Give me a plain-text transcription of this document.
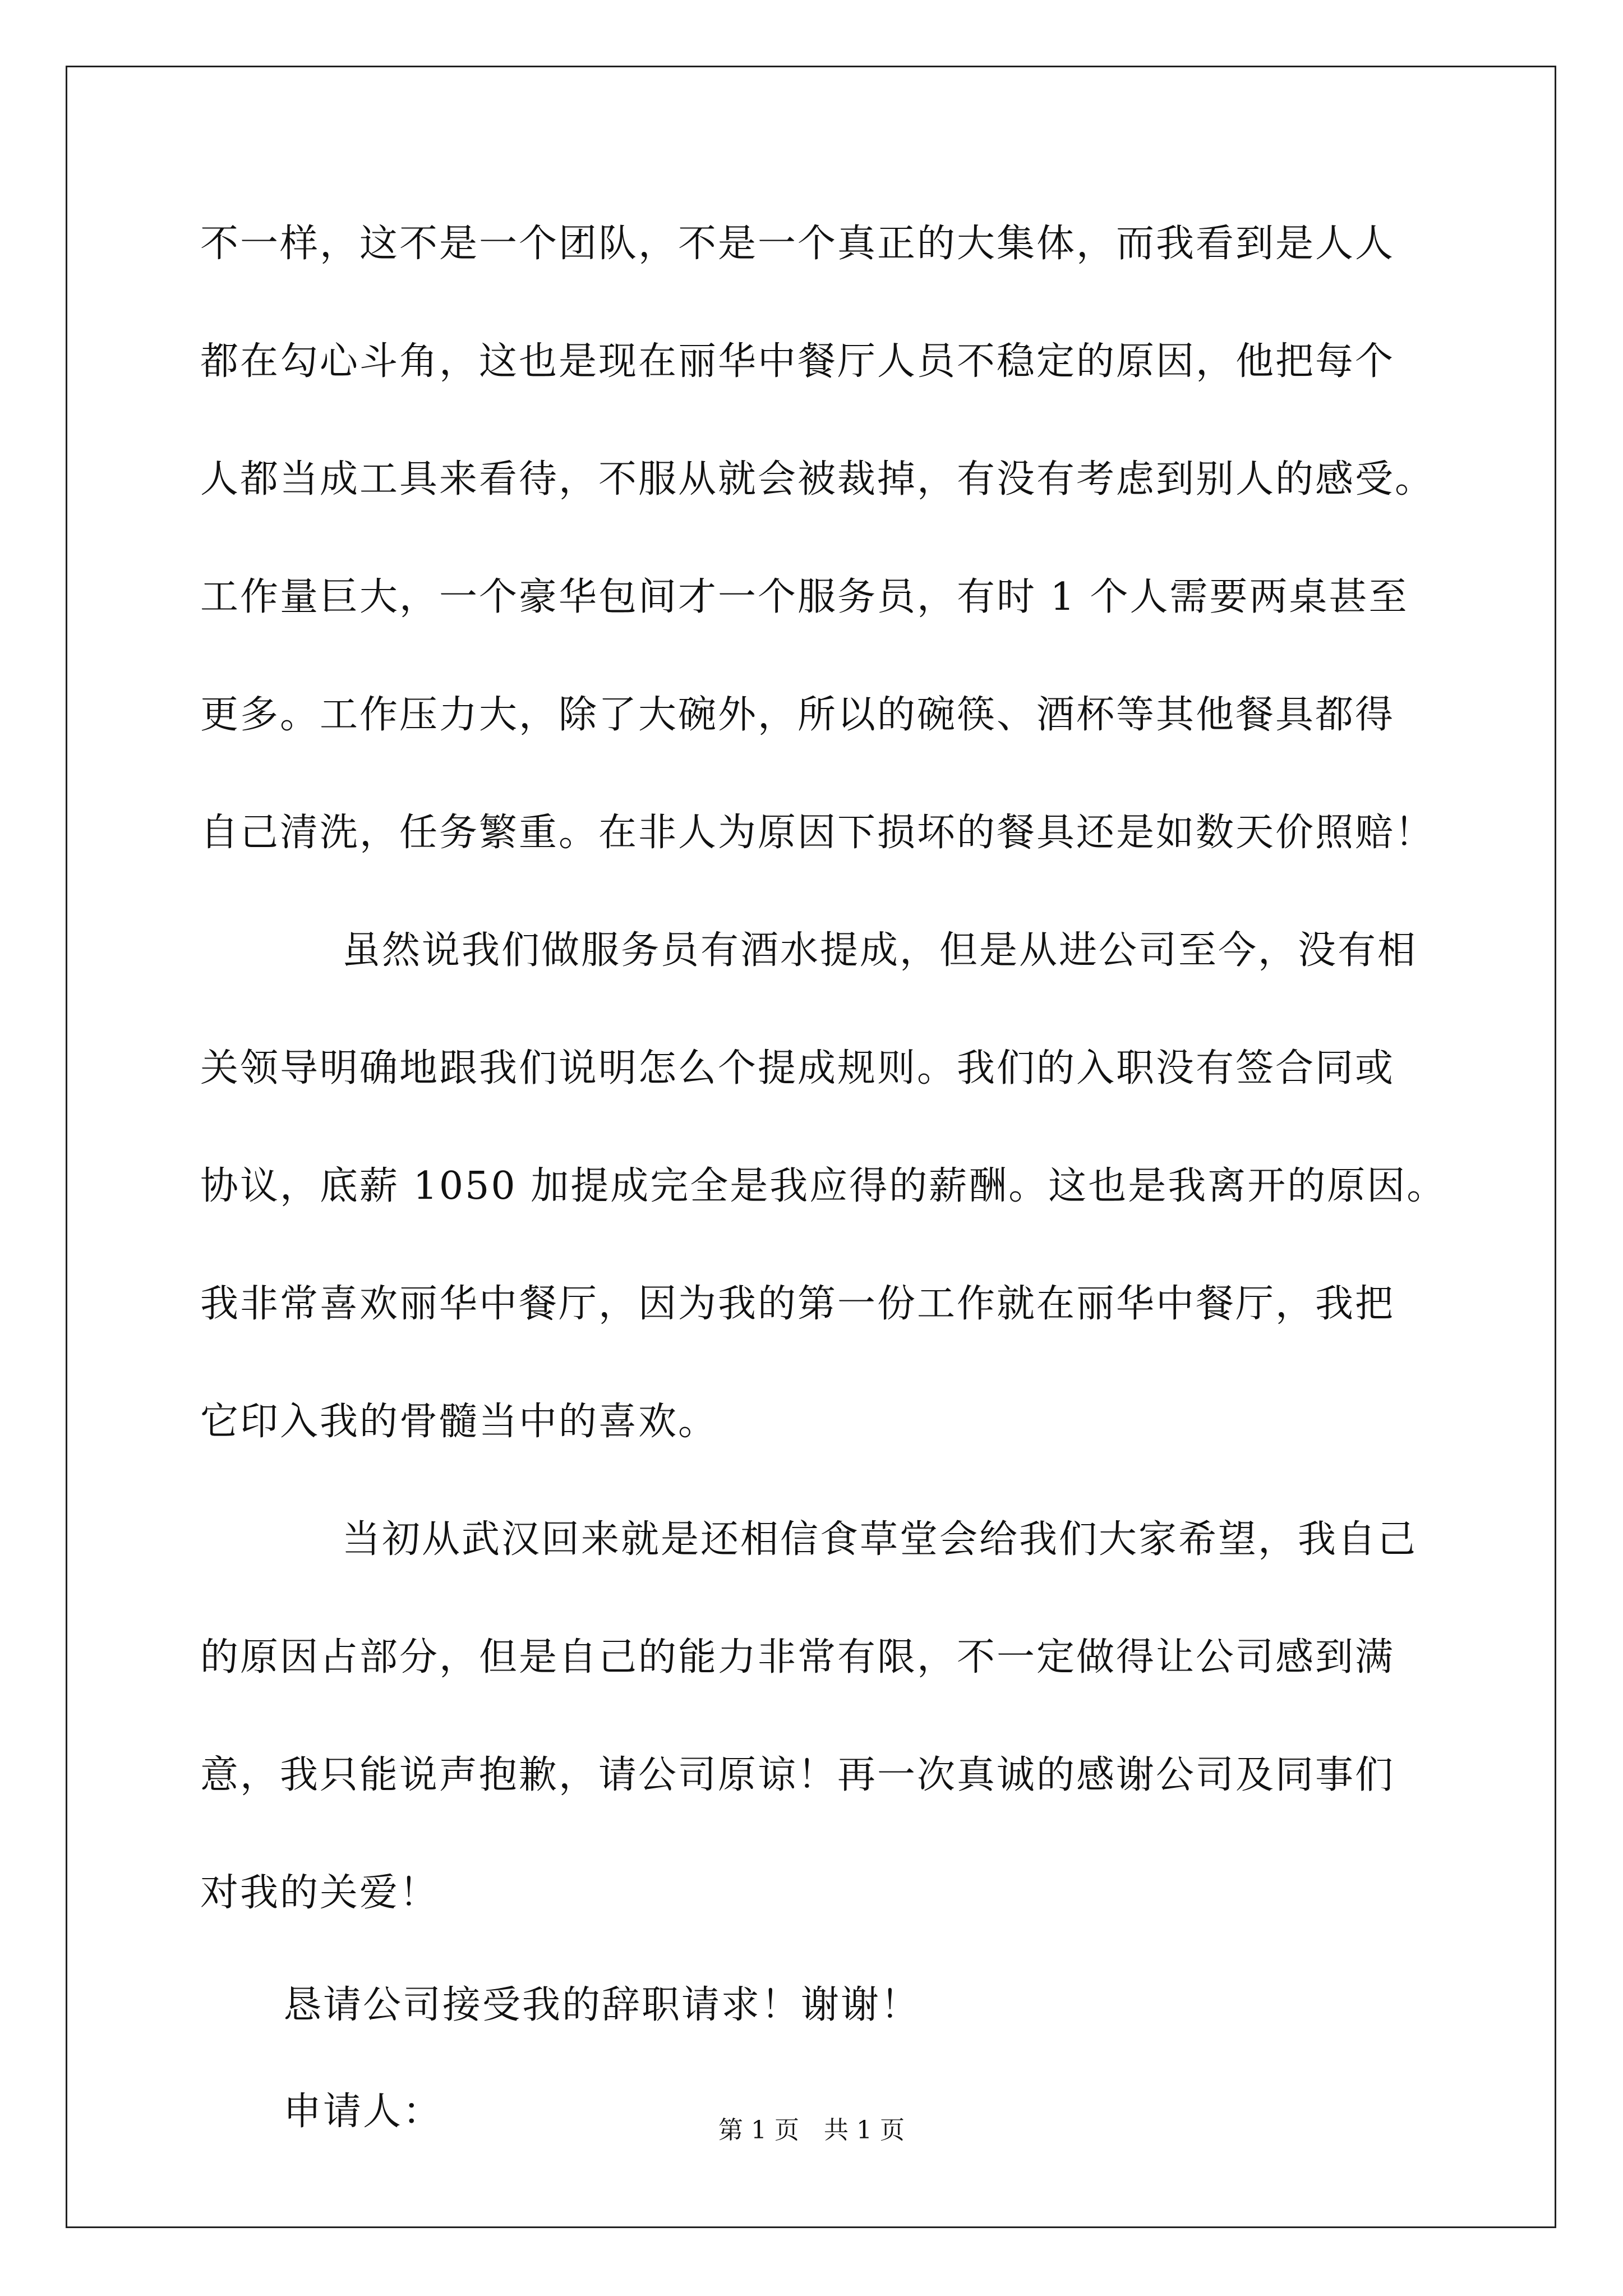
不一样，这不是一个团队，不是一个真正的大集体，而我看到是人人
都在勾心斗角，这也是现在丽华中餐厅人员不稳定的原因，他把每个
人都当成工具来看待，不服从就会被裁掉，有没有考虑到别人的感受。
工作量巨大，一个豪华包间才一个服务员，有时 1 个人需要两桌甚至
更多。工作压力大，除了大碗外，所以的碗筷、酒杯等其他餐具都得
自己清洗，任务繁重。在非人为原因下损坏的餐具还是如数天价照赔！
虽然说我们做服务员有酒水提成，但是从进公司至今，没有相
关领导明确地跟我们说明怎么个提成规则。我们的入职没有签合同或
协议，底薪 1050 加提成完全是我应得的薪酬。这也是我离开的原因。
我非常喜欢丽华中餐厅，因为我的第一份工作就在丽华中餐厅，我把
它印入我的骨髓当中的喜欢。
当初从武汉回来就是还相信食草堂会给我们大家希望，我自己
的原因占部分，但是自己的能力非常有限，不一定做得让公司感到满
意，我只能说声抱歉，请公司原谅！再一次真诚的感谢公司及同事们
对我的关爱！
恳请公司接受我的辞职请求！谢谢！
申请人：	第 1 页　共 1 页
